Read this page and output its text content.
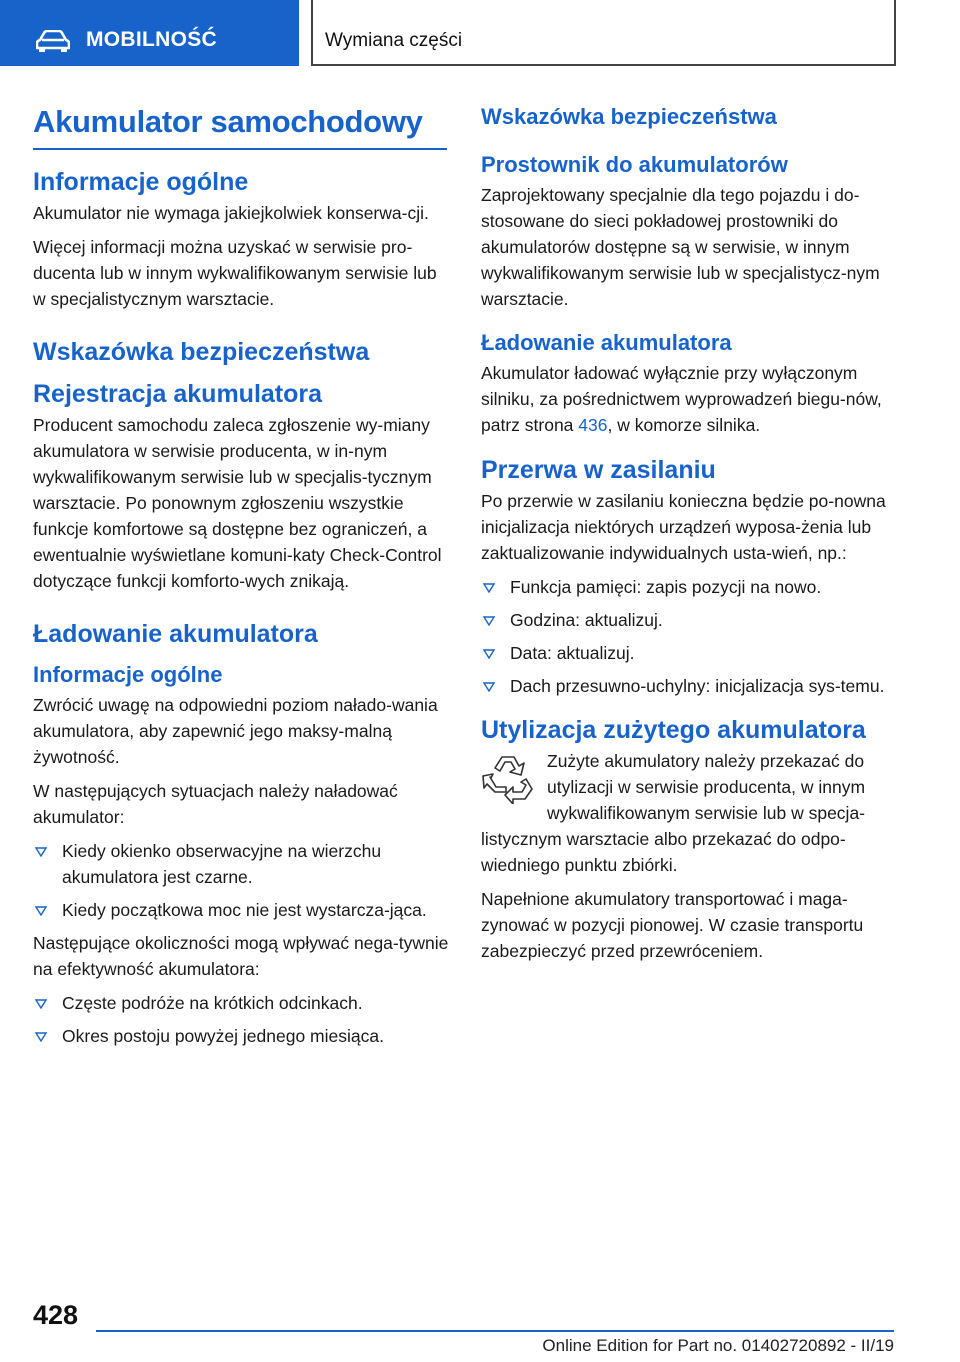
MOBILNOŚĆ	Wymiana części
Akumulator samochodowy
Informacje ogólne
Akumulator nie wymaga jakiejkolwiek konserwa-cji.
Więcej informacji można uzyskać w serwisie pro-ducenta lub w innym wykwalifikowanym serwisie lub w specjalistycznym warsztacie.
Wskazówka bezpieczeństwa
Rejestracja akumulatora
Producent samochodu zaleca zgłoszenie wy-miany akumulatora w serwisie producenta, w in-nym wykwalifikowanym serwisie lub w specjalis-tycznym warsztacie. Po ponownym zgłoszeniu wszystkie funkcje komfortowe są dostępne bez ograniczeń, a ewentualnie wyświetlane komuni-katy Check-Control dotyczące funkcji komforto-wych znikają.
Ładowanie akumulatora
Informacje ogólne
Zwrócić uwagę na odpowiedni poziom nałado-wania akumulatora, aby zapewnić jego maksy-malną żywotność.
W następujących sytuacjach należy naładować akumulator:
Kiedy okienko obserwacyjne na wierzchu akumulatora jest czarne.
Kiedy początkowa moc nie jest wystarcza-jąca.
Następujące okoliczności mogą wpływać nega-tywnie na efektywność akumulatora:
Częste podróże na krótkich odcinkach.
Okres postoju powyżej jednego miesiąca.
Wskazówka bezpieczeństwa
Prostownik do akumulatorów
Zaprojektowany specjalnie dla tego pojazdu i do-stosowane do sieci pokładowej prostowniki do akumulatorów dostępne są w serwisie, w innym wykwalifikowanym serwisie lub w specjalistycz-nym warsztacie.
Ładowanie akumulatora
Akumulator ładować wyłącznie przy wyłączonym silniku, za pośrednictwem wyprowadzeń biegu-nów, patrz strona 436, w komorze silnika.
Przerwa w zasilaniu
Po przerwie w zasilaniu konieczna będzie po-nowna inicjalizacja niektórych urządzeń wyposa-żenia lub zaktualizowanie indywidualnych usta-wień, np.:
Funkcja pamięci: zapis pozycji na nowo.
Godzina: aktualizuj.
Data: aktualizuj.
Dach przesuwno-uchylny: inicjalizacja sys-temu.
Utylizacja zużytego akumulatora
Zużyte akumulatory należy przekazać do
utylizacji w serwisie producenta, w innym
wykwalifikowanym serwisie lub w specja-
listycznym warsztacie albo przekazać do odpo-wiedniego punktu zbiórki.
Napełnione akumulatory transportować i maga-zynować w pozycji pionowej. W czasie transportu zabezpieczyć przed przewróceniem.
428
Online Edition for Part no. 01402720892 - II/19
